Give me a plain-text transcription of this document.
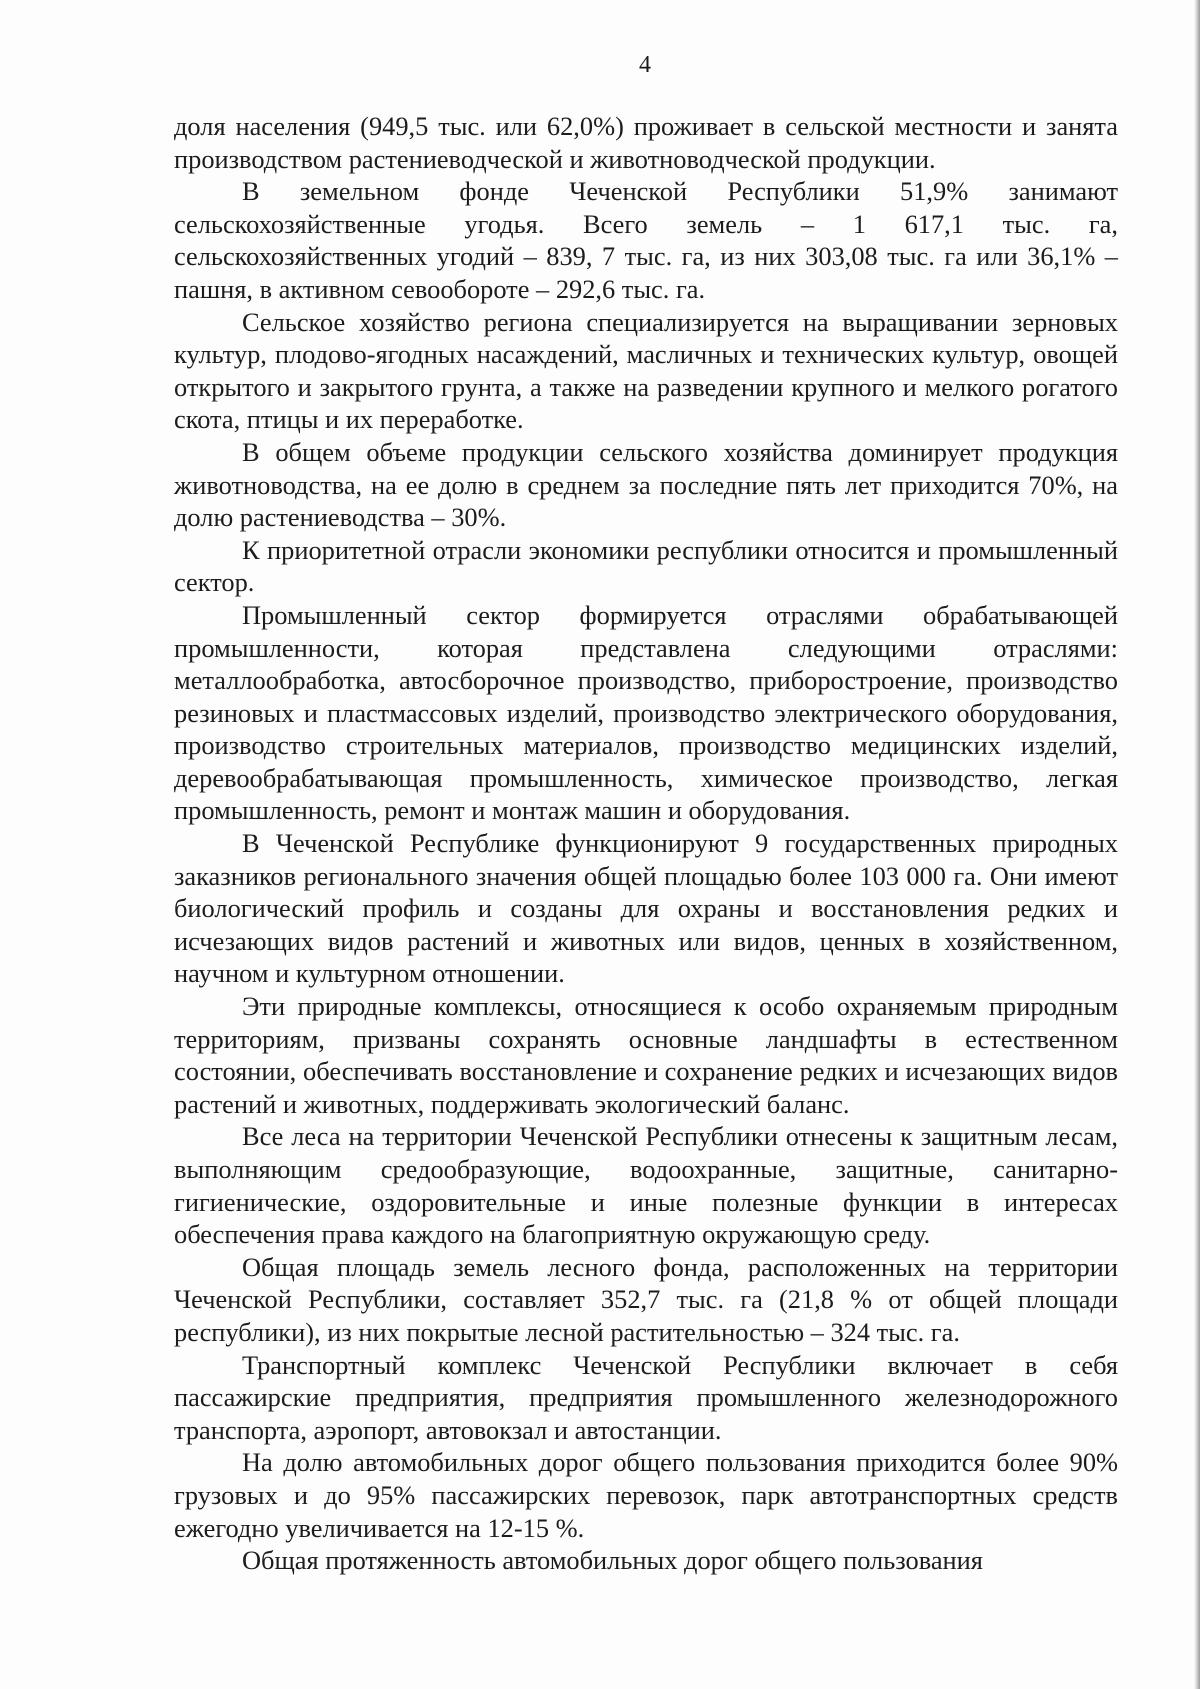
4

доля населения (949,5 тыс. или 62,0%) проживает в сельской местности и занята производством растениеводческой и животноводческой продукции.

В земельном фонде Чеченской Республики 51,9% занимают сельскохозяйственные угодья. Всего земель – 1 617,1 тыс. га, сельскохозяйственных угодий – 839, 7 тыс. га, из них 303,08 тыс. га или 36,1% – пашня, в активном севообороте – 292,6 тыс. га.

Сельское хозяйство региона специализируется на выращивании зерновых культур, плодово-ягодных насаждений, масличных и технических культур, овощей открытого и закрытого грунта, а также на разведении крупного и мелкого рогатого скота, птицы и их переработке.

В общем объеме продукции сельского хозяйства доминирует продукция животноводства, на ее долю в среднем за последние пять лет приходится 70%, на долю растениеводства – 30%.

К приоритетной отрасли экономики республики относится и промышленный сектор.

Промышленный сектор формируется отраслями обрабатывающей промышленности, которая представлена следующими отраслями: металлообработка, автосборочное производство, приборостроение, производство резиновых и пластмассовых изделий, производство электрического оборудования, производство строительных материалов, производство медицинских изделий, деревообрабатывающая промышленность, химическое производство, легкая промышленность, ремонт и монтаж машин и оборудования.

В Чеченской Республике функционируют 9 государственных природных заказников регионального значения общей площадью более 103 000 га. Они имеют биологический профиль и созданы для охраны и восстановления редких и исчезающих видов растений и животных или видов, ценных в хозяйственном, научном и культурном отношении.

Эти природные комплексы, относящиеся к особо охраняемым природным территориям, призваны сохранять основные ландшафты в естественном состоянии, обеспечивать восстановление и сохранение редких и исчезающих видов растений и животных, поддерживать экологический баланс.

Все леса на территории Чеченской Республики отнесены к защитным лесам, выполняющим средообразующие, водоохранные, защитные, санитарно-гигиенические, оздоровительные и иные полезные функции в интересах обеспечения права каждого на благоприятную окружающую среду.

Общая площадь земель лесного фонда, расположенных на территории Чеченской Республики, составляет 352,7 тыс. га (21,8 % от общей площади республики), из них покрытые лесной растительностью – 324 тыс. га.

Транспортный комплекс Чеченской Республики включает в себя пассажирские предприятия, предприятия промышленного железнодорожного транспорта, аэропорт, автовокзал и автостанции.

На долю автомобильных дорог общего пользования приходится более 90% грузовых и до 95% пассажирских перевозок, парк автотранспортных средств ежегодно увеличивается на 12-15 %.

Общая протяженность автомобильных дорог общего пользования
